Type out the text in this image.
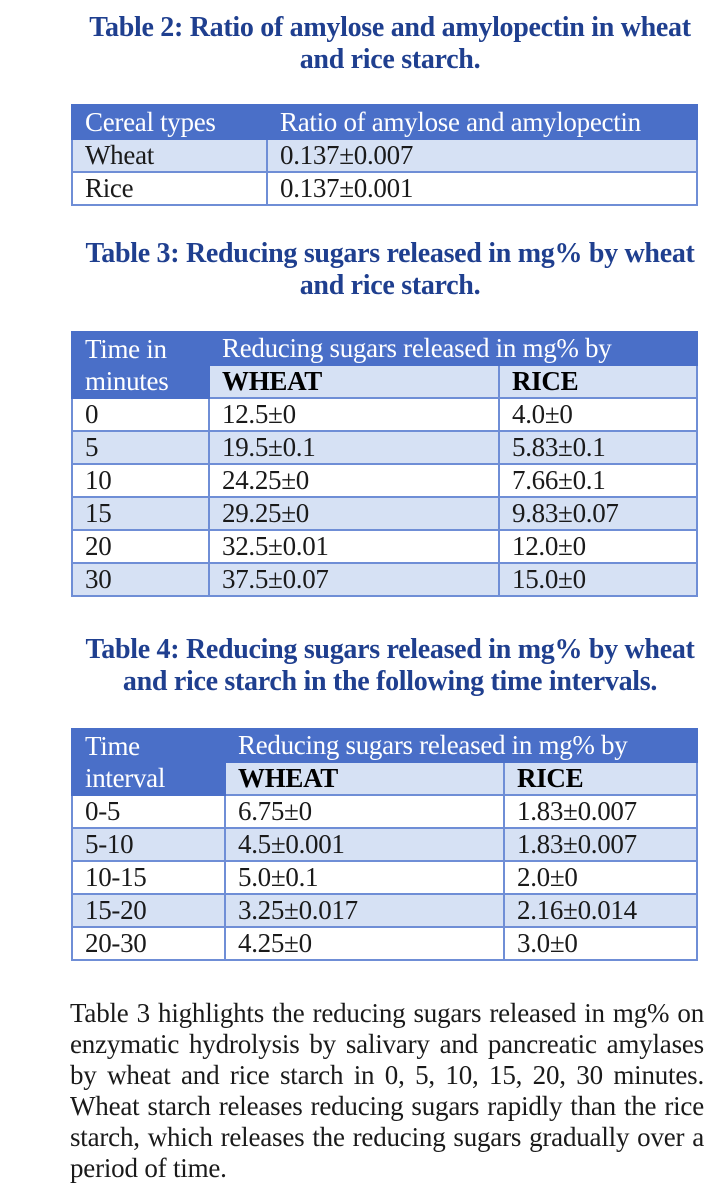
Table 2: Ratio of amylose and amylopectin in wheat and rice starch.
Cereal types	Ratio of amylose and amylopectin
Wheat	0.137±0.007
Rice	0.137±0.001
Table 3: Reducing sugars released in mg% by wheat and rice starch.
Time in
minutes	Reducing sugars released in mg% by	
	WHEAT	RICE
0	12.5±0	4.0±0
5	19.5±0.1	5.83±0.1
10	24.25±0	7.66±0.1
15	29.25±0	9.83±0.07
20	32.5±0.01	12.0±0
30	37.5±0.07	15.0±0
Table 4: Reducing sugars released in mg% by wheat and rice starch in the following time intervals.
Time
interval	Reducing sugars released in mg% by	
	WHEAT	RICE
0-5	6.75±0	1.83±0.007
5-10	4.5±0.001	1.83±0.007
10-15	5.0±0.1	2.0±0
15-20	3.25±0.017	2.16±0.014
20-30	4.25±0	3.0±0
Table 3 highlights the reducing sugars released in mg% on enzymatic hydrolysis by salivary and pancreatic amylases by wheat and rice starch in 0, 5, 10, 15, 20, 30 minutes. Wheat starch releases reducing sugars rapidly than the rice starch, which releases the reducing sugars gradually over a period of time.
